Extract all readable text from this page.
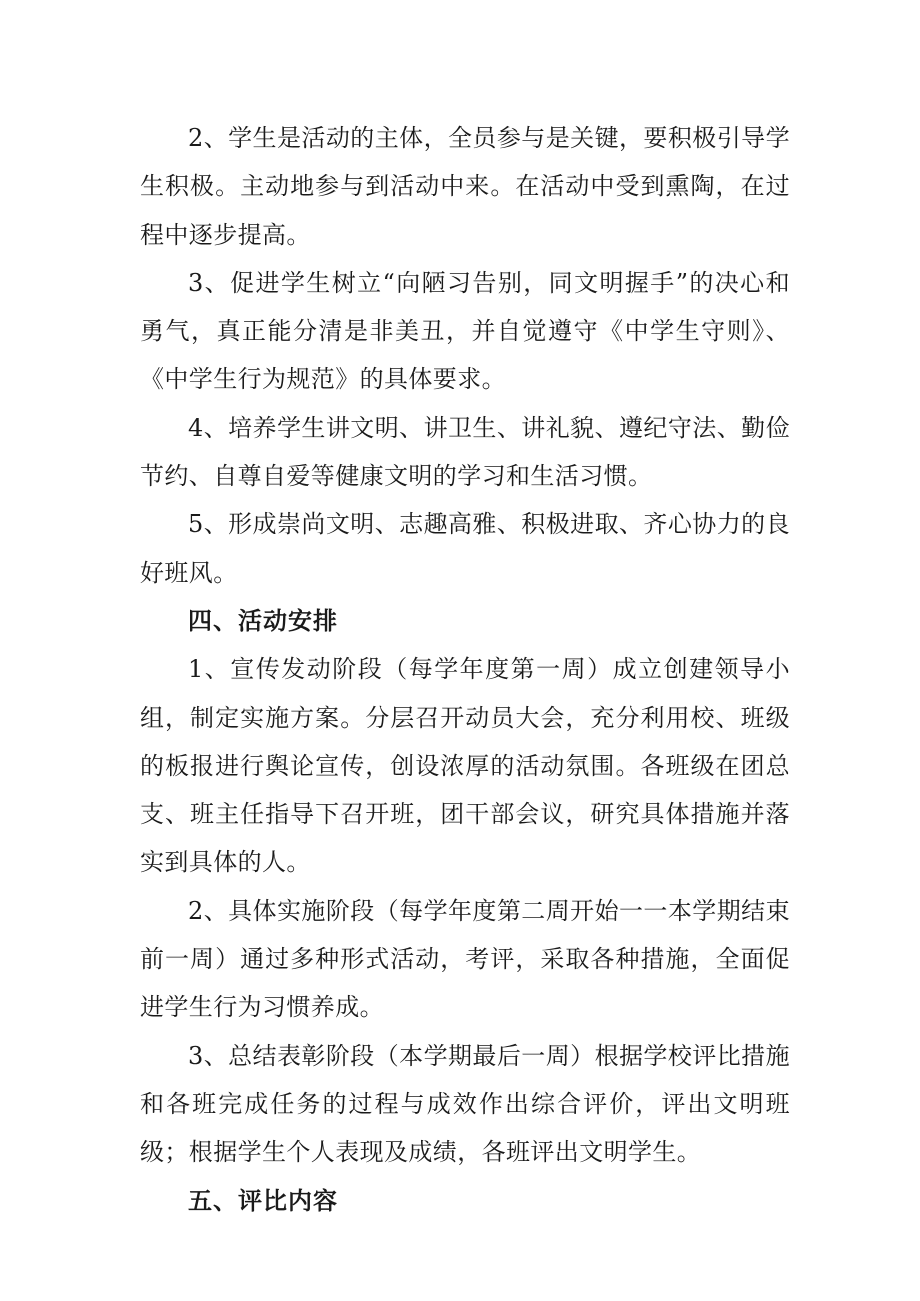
2、学生是活动的主体，全员参与是关键，要积极引导学生积极。主动地参与到活动中来。在活动中受到熏陶，在过程中逐步提高。

3、促进学生树立“向陋习告别，同文明握手”的决心和勇气，真正能分清是非美丑，并自觉遵守《中学生守则》、《中学生行为规范》的具体要求。

4、培养学生讲文明、讲卫生、讲礼貌、遵纪守法、勤俭节约、自尊自爱等健康文明的学习和生活习惯。

5、形成崇尚文明、志趣高雅、积极进取、齐心协力的良好班风。

四、活动安排

1、宣传发动阶段（每学年度第一周）成立创建领导小组，制定实施方案。分层召开动员大会，充分利用校、班级的板报进行舆论宣传，创设浓厚的活动氛围。各班级在团总支、班主任指导下召开班，团干部会议，研究具体措施并落实到具体的人。

2、具体实施阶段（每学年度第二周开始一一本学期结束前一周）通过多种形式活动，考评，采取各种措施，全面促进学生行为习惯养成。

3、总结表彰阶段（本学期最后一周）根据学校评比措施和各班完成任务的过程与成效作出综合评价，评出文明班级；根据学生个人表现及成绩，各班评出文明学生。

五、评比内容
